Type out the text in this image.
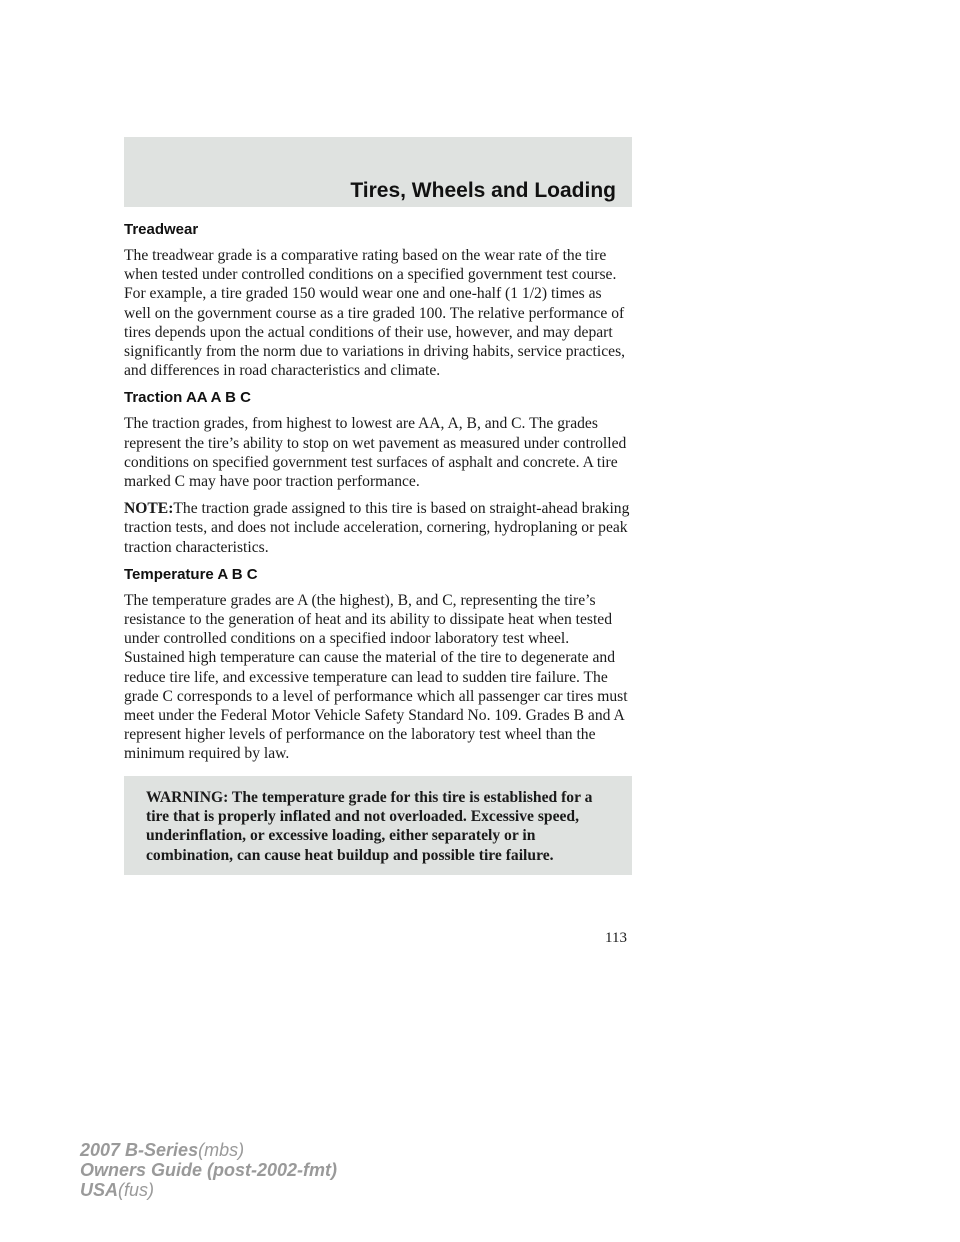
Tires, Wheels and Loading
Treadwear

The treadwear grade is a comparative rating based on the wear rate of the tire when tested under controlled conditions on a specified government test course. For example, a tire graded 150 would wear one and one-half (1 1/2) times as well on the government course as a tire graded 100. The relative performance of tires depends upon the actual conditions of their use, however, and may depart significantly from the norm due to variations in driving habits, service practices, and differences in road characteristics and climate.

Traction AA A B C

The traction grades, from highest to lowest are AA, A, B, and C. The grades represent the tire’s ability to stop on wet pavement as measured under controlled conditions on specified government test surfaces of asphalt and concrete. A tire marked C may have poor traction performance.

NOTE:The traction grade assigned to this tire is based on straight-ahead braking traction tests, and does not include acceleration, cornering, hydroplaning or peak traction characteristics.

Temperature A B C

The temperature grades are A (the highest), B, and C, representing the tire’s resistance to the generation of heat and its ability to dissipate heat when tested under controlled conditions on a specified indoor laboratory test wheel. Sustained high temperature can cause the material of the tire to degenerate and reduce tire life, and excessive temperature can lead to sudden tire failure. The grade C corresponds to a level of performance which all passenger car tires must meet under the Federal Motor Vehicle Safety Standard No. 109. Grades B and A represent higher levels of performance on the laboratory test wheel than the minimum required by law.

WARNING: The temperature grade for this tire is established for a tire that is properly inflated and not overloaded. Excessive speed, underinflation, or excessive loading, either separately or in combination, can cause heat buildup and possible tire failure.

113
2007 B-Series(mbs)
Owners Guide (post-2002-fmt)
USA(fus)
